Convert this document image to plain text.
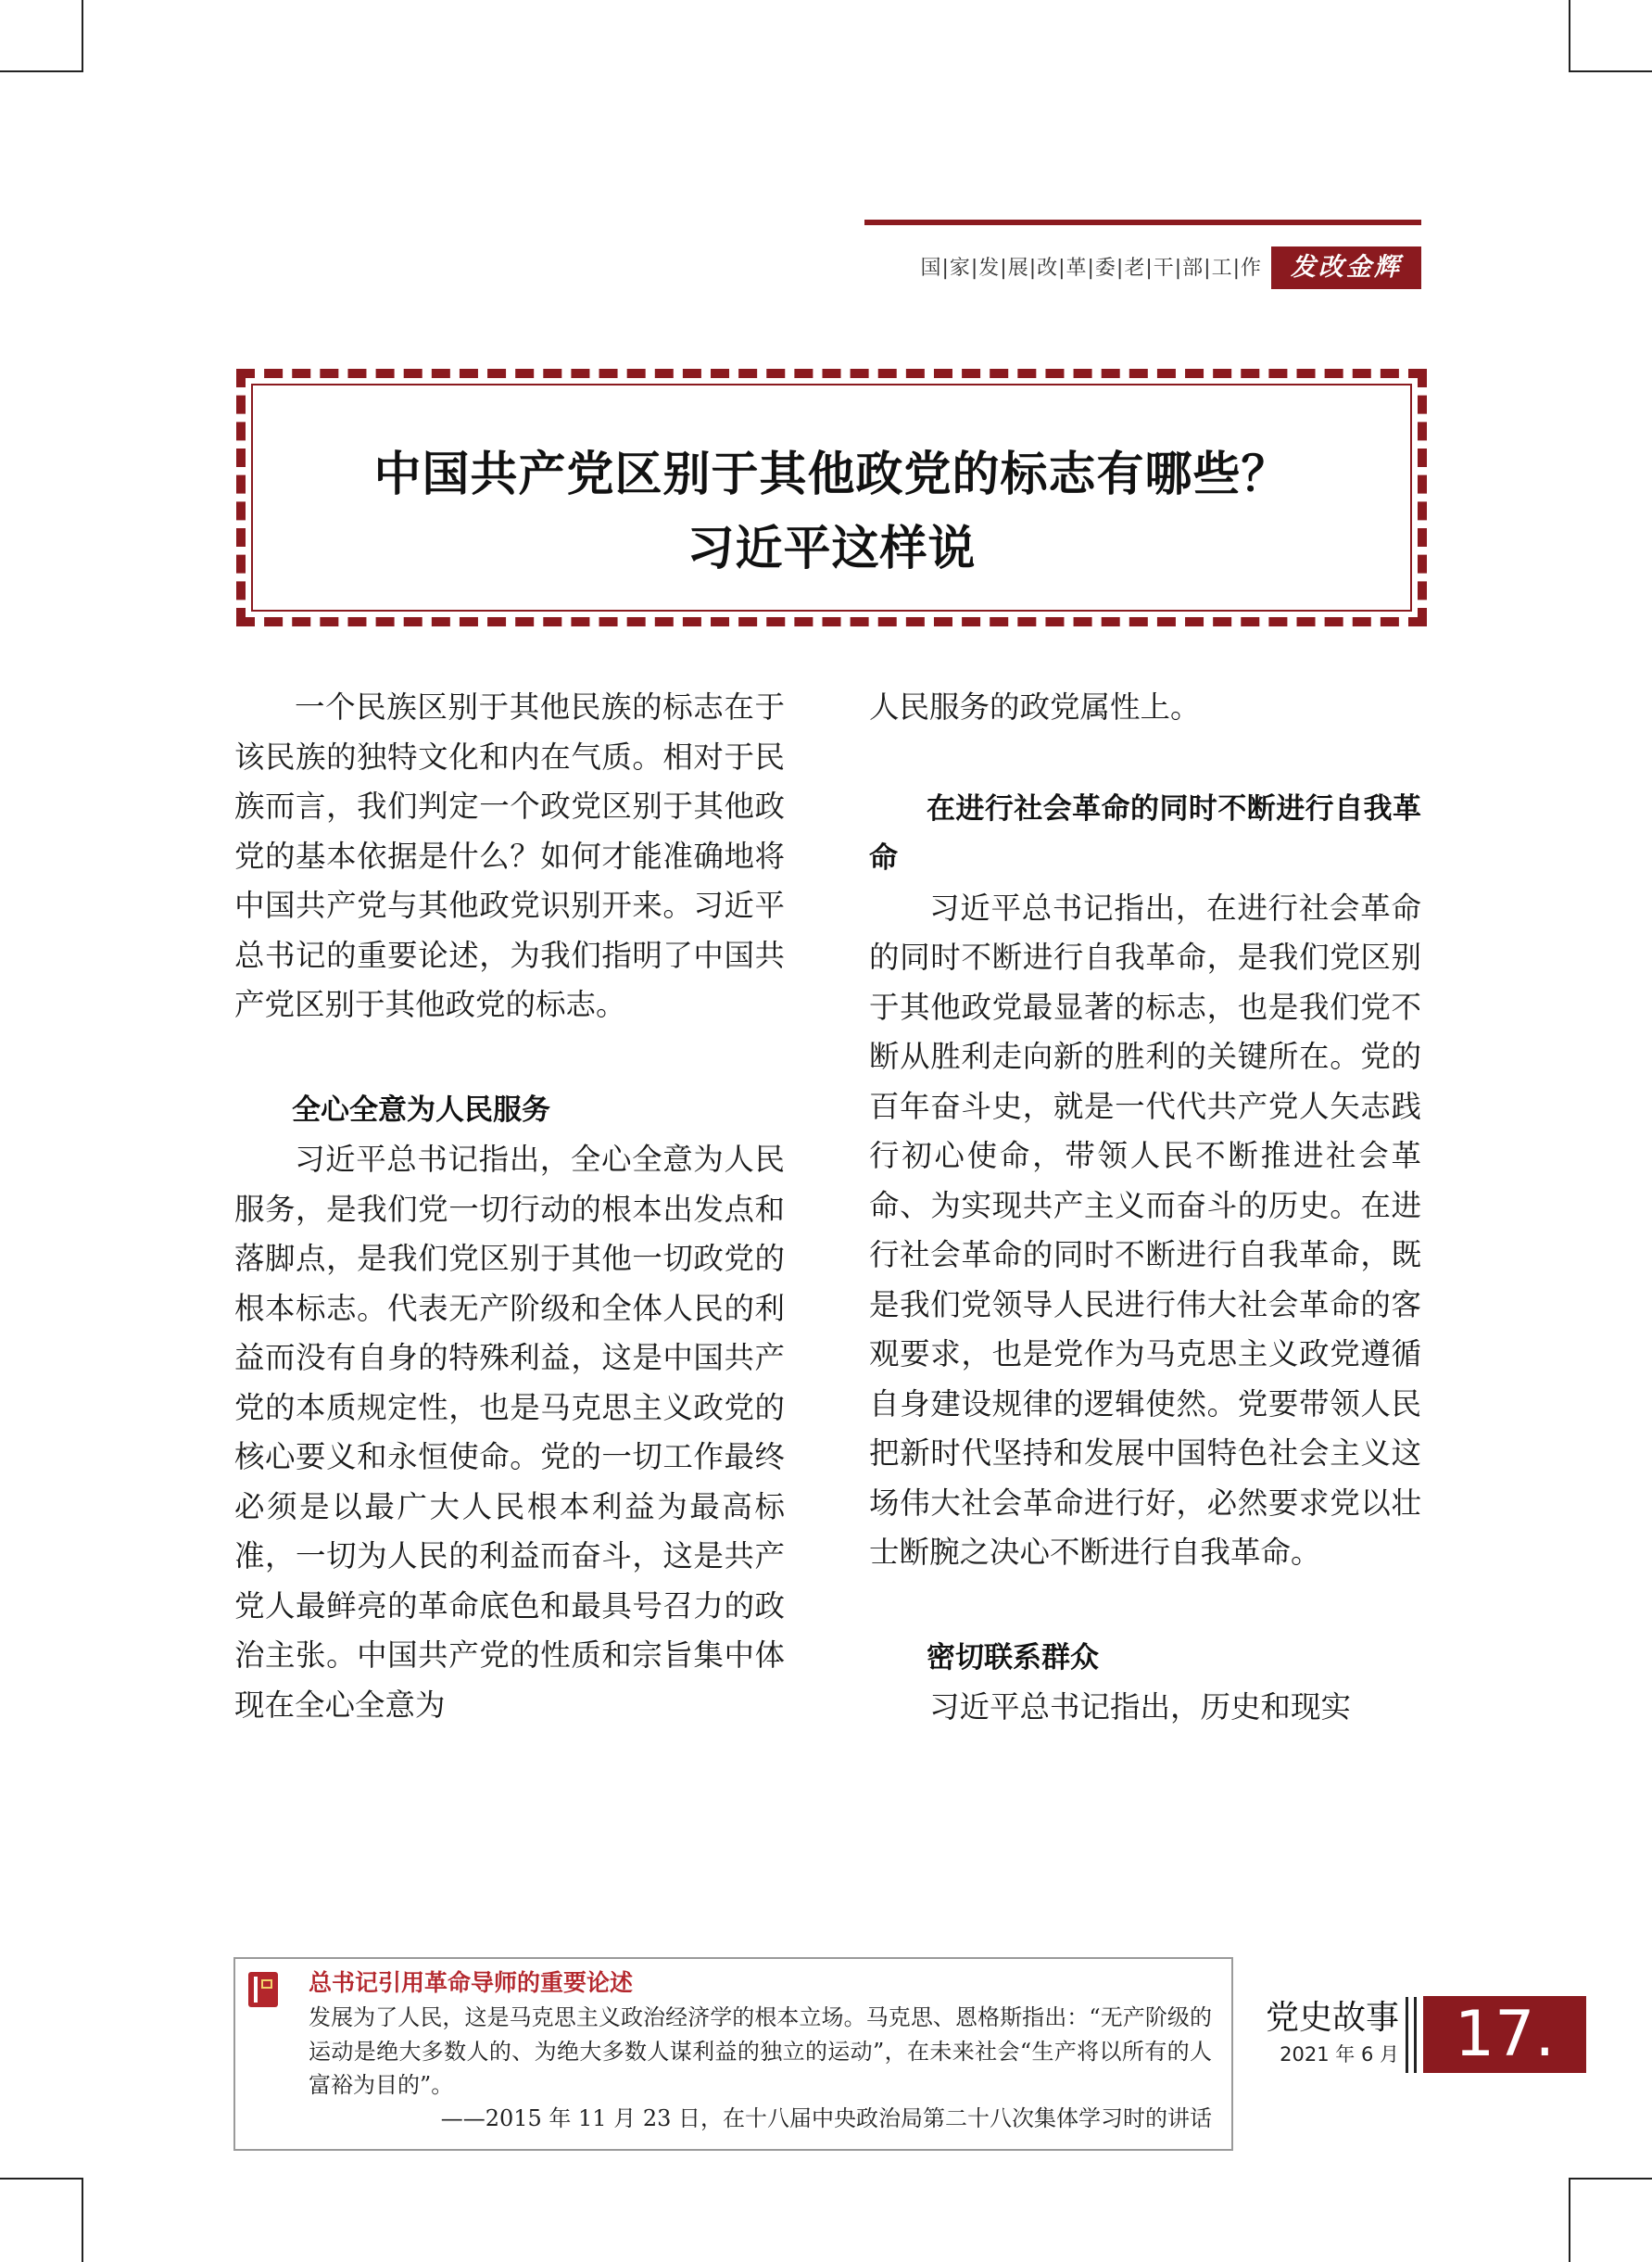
国|家|发|展|改|革|委|老|干|部|工|作	发改金辉
中国共产党区别于其他政党的标志有哪些？
习近平这样说

一个民族区别于其他民族的标志在于该民族的独特文化和内在气质。相对于民族而言，我们判定一个政党区别于其他政党的基本依据是什么？如何才能准确地将中国共产党与其他政党识别开来。习近平总书记的重要论述，为我们指明了中国共产党区别于其他政党的标志。

全心全意为人民服务

习近平总书记指出，全心全意为人民服务，是我们党一切行动的根本出发点和落脚点，是我们党区别于其他一切政党的根本标志。代表无产阶级和全体人民的利益而没有自身的特殊利益，这是中国共产党的本质规定性，也是马克思主义政党的核心要义和永恒使命。党的一切工作最终必须是以最广大人民根本利益为最高标准，一切为人民的利益而奋斗，这是共产党人最鲜亮的革命底色和最具号召力的政治主张。中国共产党的性质和宗旨集中体现在全心全意为

人民服务的政党属性上。

在进行社会革命的同时不断进行自我革命

习近平总书记指出，在进行社会革命的同时不断进行自我革命，是我们党区别于其他政党最显著的标志，也是我们党不断从胜利走向新的胜利的关键所在。党的百年奋斗史，就是一代代共产党人矢志践行初心使命，带领人民不断推进社会革命、为实现共产主义而奋斗的历史。在进行社会革命的同时不断进行自我革命，既是我们党领导人民进行伟大社会革命的客观要求，也是党作为马克思主义政党遵循自身建设规律的逻辑使然。党要带领人民把新时代坚持和发展中国特色社会主义这场伟大社会革命进行好，必然要求党以壮士断腕之决心不断进行自我革命。

密切联系群众

习近平总书记指出，历史和现实

总书记引用革命导师的重要论述
发展为了人民，这是马克思主义政治经济学的根本立场。马克思、恩格斯指出：“无产阶级的运动是绝大多数人的、为绝大多数人谋利益的独立的运动”，在未来社会“生产将以所有的人富裕为目的”。
——2015 年 11 月 23 日，在十八届中央政治局第二十八次集体学习时的讲话
党史故事
2021 年 6 月 17.
